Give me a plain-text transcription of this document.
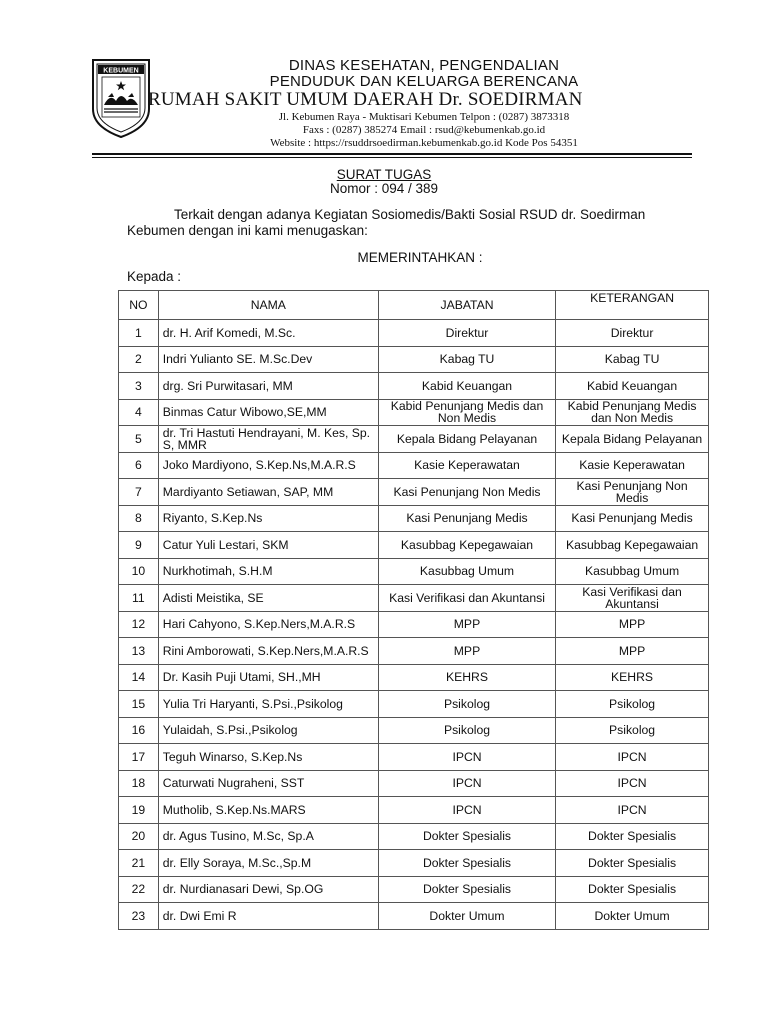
KEBUMEN	DINAS KESEHATAN, PENGENDALIAN
PENDUDUK DAN KELUARGA BERENCANA
RUMAH SAKIT UMUM DAERAH Dr. SOEDIRMAN
Jl. Kebumen Raya - Muktisari Kebumen Telpon : (0287) 3873318
Faxs : (0287) 385274 Email : rsud@kebumenkab.go.id
Website : https://rsuddrsoedirman.kebumenkab.go.id Kode Pos 54351
SURAT TUGAS
Nomor : 094 / 389
Terkait dengan adanya Kegiatan Sosiomedis/Bakti Sosial RSUD dr. Soedirman
Kebumen dengan ini kami menugaskan:
MEMERINTAHKAN :
Kepada :
NO	NAMA	JABATAN	KETERANGAN
1	dr. H. Arif Komedi, M.Sc.	Direktur	Direktur
2	Indri Yulianto SE. M.Sc.Dev	Kabag TU	Kabag TU
3	drg. Sri Purwitasari, MM	Kabid Keuangan	Kabid Keuangan
4	Binmas Catur Wibowo,SE,MM	Kabid Penunjang Medis dan Non Medis	Kabid Penunjang Medis dan Non Medis
5	dr. Tri Hastuti Hendrayani, M. Kes, Sp. S, MMR	Kepala Bidang Pelayanan	Kepala Bidang Pelayanan
6	Joko Mardiyono, S.Kep.Ns,M.A.R.S	Kasie Keperawatan	Kasie Keperawatan
7	Mardiyanto Setiawan, SAP, MM	Kasi Penunjang Non Medis	Kasi Penunjang Non Medis
8	Riyanto, S.Kep.Ns	Kasi Penunjang Medis	Kasi Penunjang Medis
9	Catur Yuli Lestari, SKM	Kasubbag Kepegawaian	Kasubbag Kepegawaian
10	Nurkhotimah, S.H.M	Kasubbag Umum	Kasubbag Umum
11	Adisti Meistika, SE	Kasi Verifikasi dan Akuntansi	Kasi Verifikasi dan Akuntansi
12	Hari Cahyono, S.Kep.Ners,M.A.R.S	MPP	MPP
13	Rini Amborowati, S.Kep.Ners,M.A.R.S	MPP	MPP
14	Dr. Kasih Puji Utami, SH.,MH	KEHRS	KEHRS
15	Yulia Tri Haryanti, S.Psi.,Psikolog	Psikolog	Psikolog
16	Yulaidah, S.Psi.,Psikolog	Psikolog	Psikolog
17	Teguh Winarso, S.Kep.Ns	IPCN	IPCN
18	Caturwati Nugraheni, SST	IPCN	IPCN
19	Mutholib, S.Kep.Ns.MARS	IPCN	IPCN
20	dr. Agus Tusino, M.Sc, Sp.A	Dokter Spesialis	Dokter Spesialis
21	dr. Elly Soraya, M.Sc.,Sp.M	Dokter Spesialis	Dokter Spesialis
22	dr. Nurdianasari Dewi, Sp.OG	Dokter Spesialis	Dokter Spesialis
23	dr. Dwi Emi R	Dokter Umum	Dokter Umum
